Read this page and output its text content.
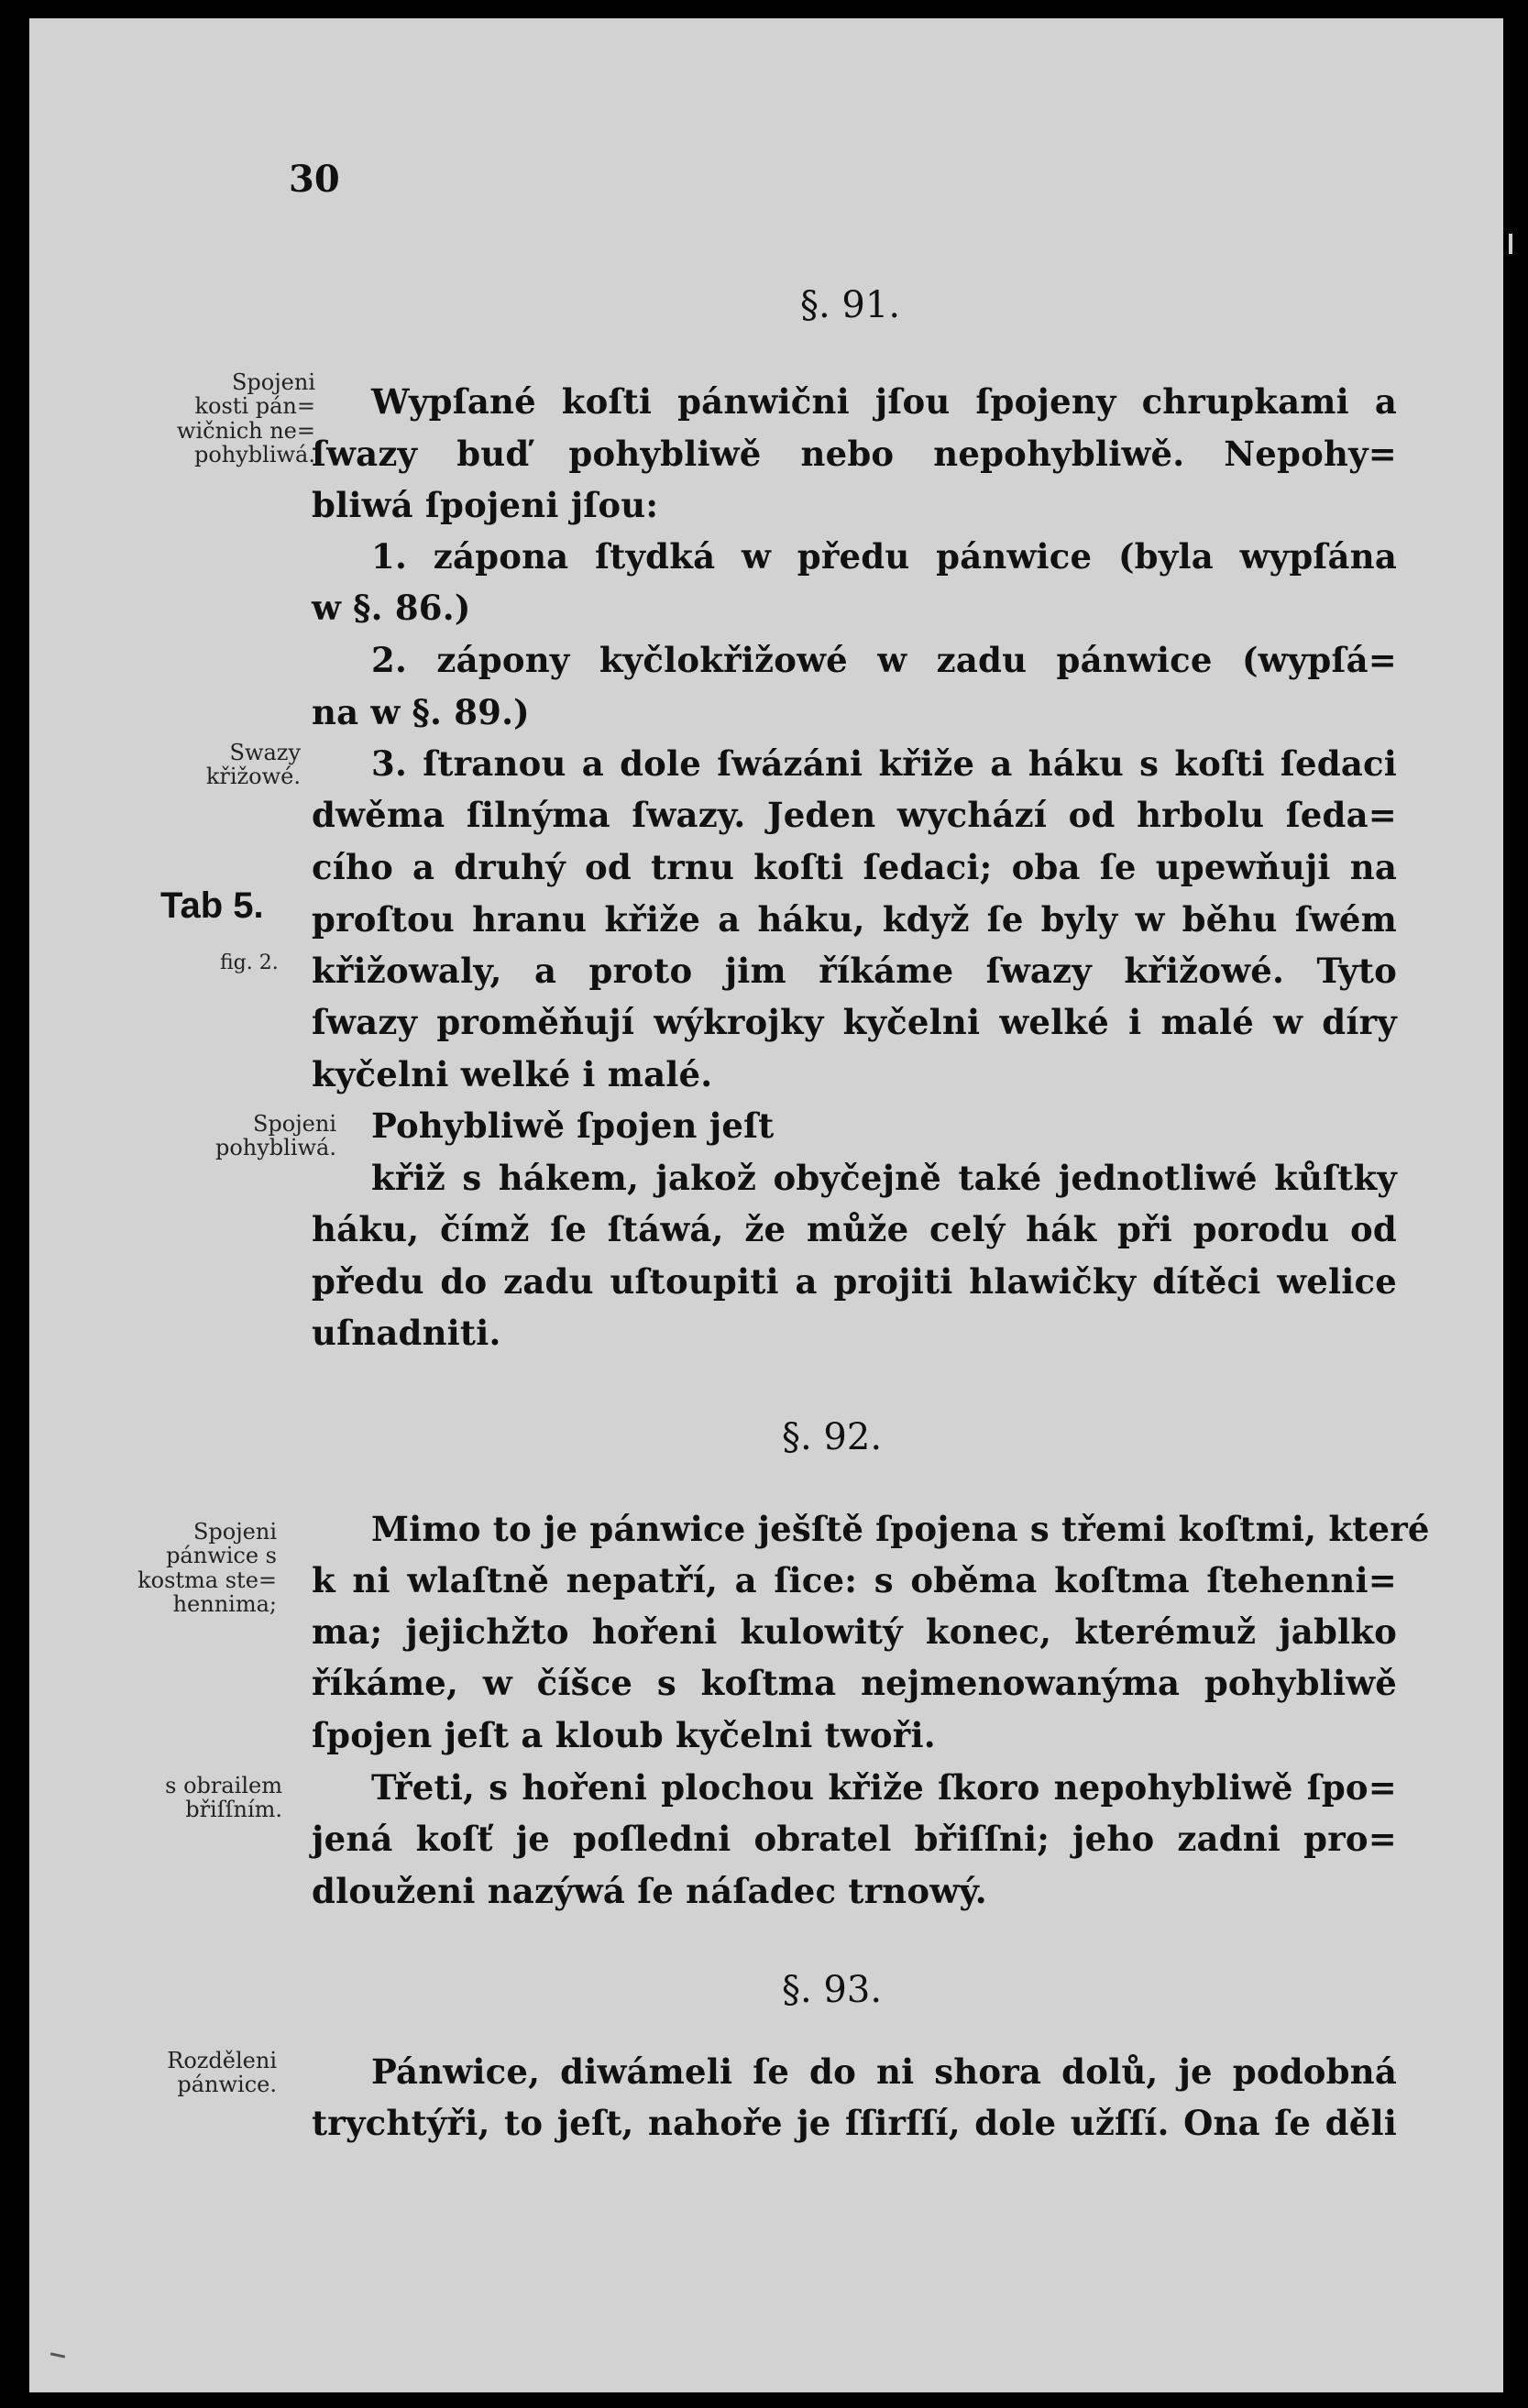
30
§. 91.
§. 92.
§. 93.
Spojeni
kosti pán=
wičnich ne=
pohybliwá.
Swazy
křižowé.
Spojeni
pohybliwá.
Spojeni
pánwice s
kostma ste=
hennima;
s obrailem
břiſſním.
Rozděleni
pánwice.
Tab 5.
fig. 2.
Wypſané koſti pánwični jſou ſpojeny chrupkami a
ſwazy buď pohybliwě nebo nepohybliwě. Nepohy=
bliwá ſpojeni jſou:
1. zápona ſtydká w předu pánwice (byla wypſána
w §. 86.)
2. zápony kyčlokřižowé w zadu pánwice (wypſá=
na w §. 89.)
3. ſtranou a dole ſwázáni křiže a háku s koſti ſedaci
dwěma ſilnýma ſwazy. Jeden wychází od hrbolu ſeda=
cího a druhý od trnu koſti ſedaci; oba ſe upewňuji na
proſtou hranu křiže a háku, když ſe byly w běhu ſwém
křižowaly, a proto jim říkáme ſwazy křižowé. Tyto
ſwazy proměňují wýkrojky kyčelni welké i malé w díry
kyčelni welké i malé.
Pohybliwě ſpojen jeſt
křiž s hákem, jakož obyčejně také jednotliwé kůſtky
háku, čímž ſe ſtáwá, že může celý hák při porodu od
předu do zadu uſtoupiti a projiti hlawičky dítěci welice
uſnadniti.
Mimo to je pánwice ješſtě ſpojena s třemi koſtmi, které
k ni wlaſtně nepatří, a ſice: s oběma koſtma ſtehenni=
ma; jejichžto hořeni kulowitý konec, kterémuž jablko
říkáme, w číšce s koſtma nejmenowanýma pohybliwě
ſpojen jeſt a kloub kyčelni twoři.
Třeti, s hořeni plochou křiže ſkoro nepohybliwě ſpo=
jená koſť je poſledni obratel břiſſni; jeho zadni pro=
dlouženi nazýwá ſe náſadec trnowý.
Pánwice, diwámeli ſe do ni shora dolů, je podobná
trychtýři, to jeſt, nahoře je ſſirſſí, dole užſſí. Ona ſe děli
